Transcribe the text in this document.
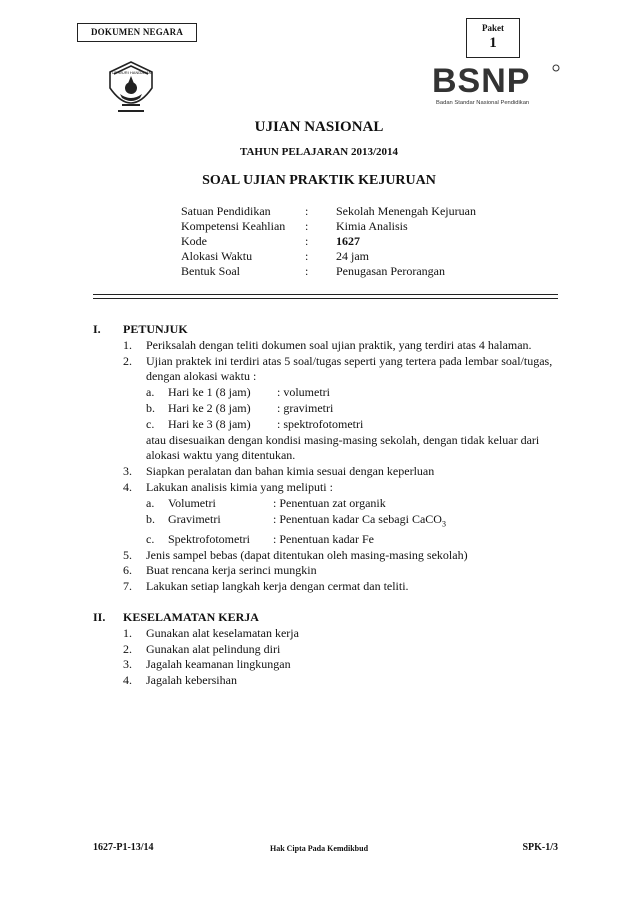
DOKUMEN NEGARA	Paket
1
TUT WURI HANDAYANI	BSNP
Badan Standar Nasional Pendidikan
UJIAN NASIONAL
TAHUN PELAJARAN 2013/2014
SOAL UJIAN PRAKTIK KEJURUAN
Satuan Pendidikan	:	Sekolah Menengah Kejuruan
Kompetensi Keahlian	:	Kimia Analisis
Kode	:	1627
Alokasi Waktu	:	24 jam
Bentuk Soal	:	Penugasan Perorangan
I. PETUNJUK
1. Periksalah dengan teliti dokumen soal ujian praktik, yang terdiri atas 4 halaman.
2. Ujian praktek ini terdiri atas 5 soal/tugas seperti yang tertera pada lembar soal/tugas, dengan alokasi waktu :
a. Hari ke 1 (8 jam) : volumetri
b. Hari ke 2 (8 jam) : gravimetri
c. Hari ke 3 (8 jam) : spektrofotometri
atau disesuaikan dengan kondisi masing-masing sekolah, dengan tidak keluar dari alokasi waktu yang ditentukan.
3. Siapkan peralatan dan bahan kimia sesuai dengan keperluan
4. Lakukan analisis kimia yang meliputi :
a. Volumetri	: Penentuan zat organik
b. Gravimetri	: Penentuan kadar Ca sebagi CaCO$_3$
c. Spektrofotometri : Penentuan kadar Fe
5. Jenis sampel bebas (dapat ditentukan oleh masing-masing sekolah)
6. Buat rencana kerja serinci mungkin
7. Lakukan setiap langkah kerja dengan cermat dan teliti.
II. KESELAMATAN KERJA
1. Gunakan alat keselamatan kerja
2. Gunakan alat pelindung diri
3. Jagalah keamanan lingkungan
4. Jagalah kebersihan
1627-P1-13/14	Hak Cipta Pada Kemdikbud	SPK-1/3
